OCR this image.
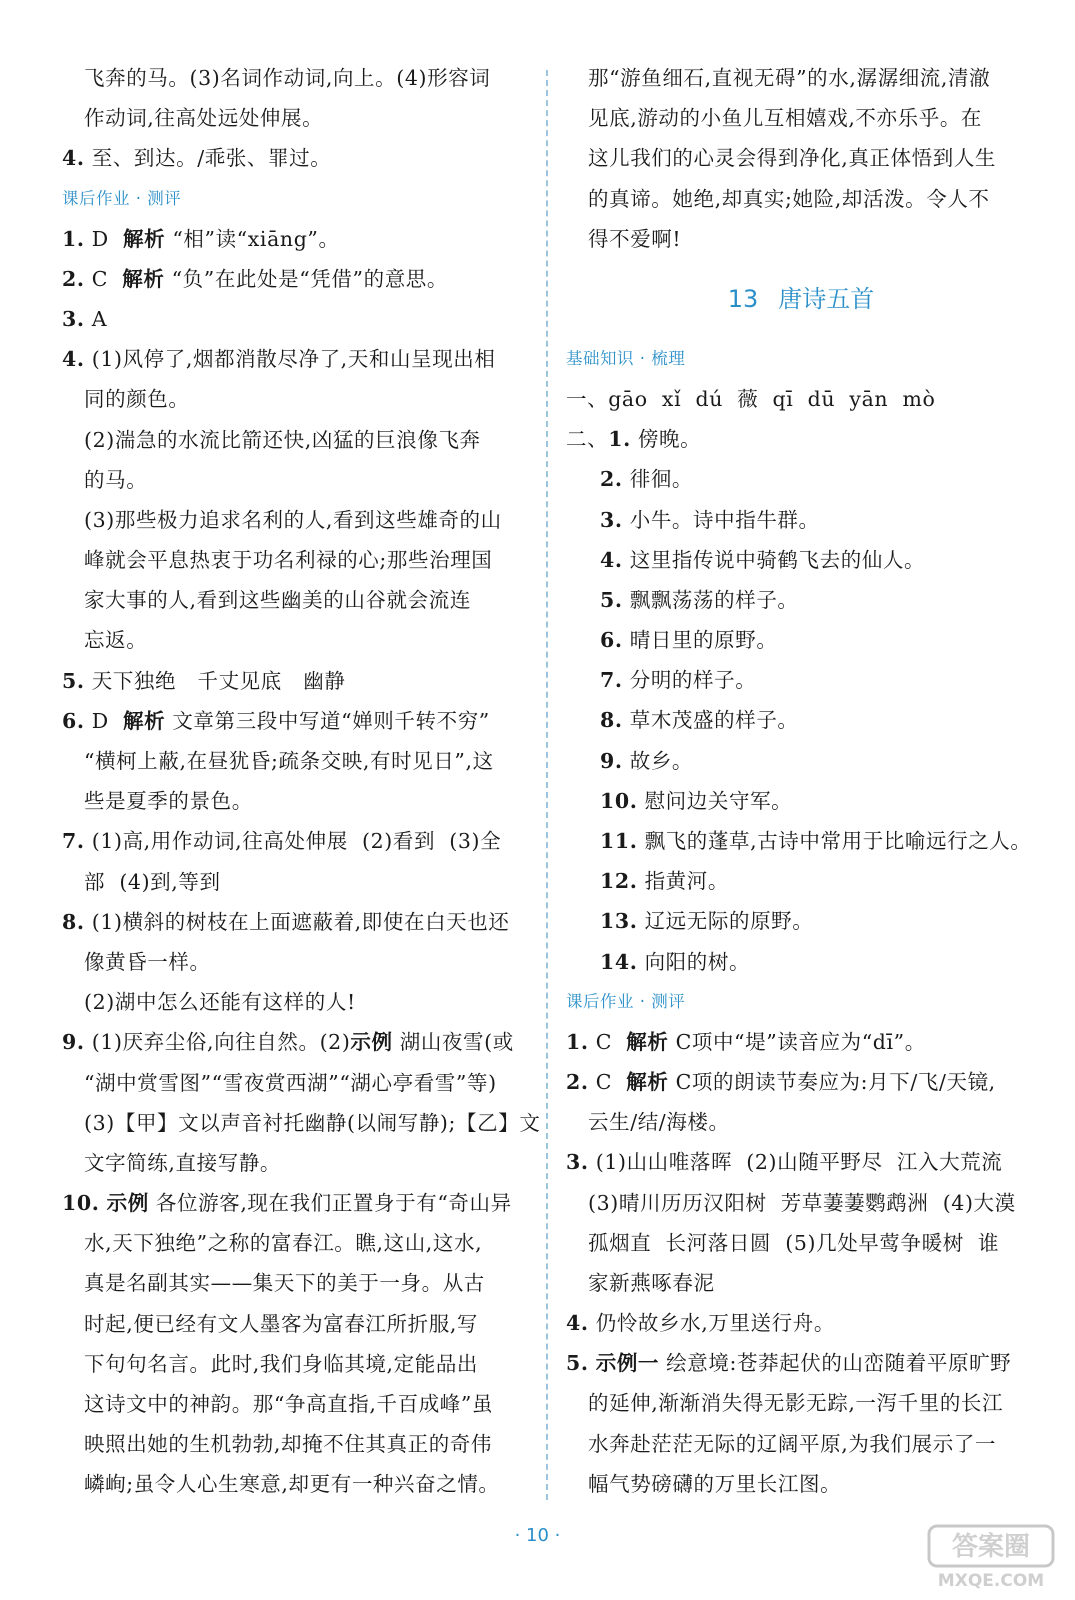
飞奔的马。(3)名词作动词,向上。(4)形容词
作动词,往高处远处伸展。
4. 至、到达。/乖张、罪过。
课后作业 · 测评
1. D  解析 “相”读“xiāng”。
2. C  解析 “负”在此处是“凭借”的意思。
3. A
4. (1)风停了,烟都消散尽净了,天和山呈现出相
同的颜色。
(2)湍急的水流比箭还快,凶猛的巨浪像飞奔
的马。
(3)那些极力追求名利的人,看到这些雄奇的山
峰就会平息热衷于功名利禄的心;那些治理国
家大事的人,看到这些幽美的山谷就会流连
忘返。
5. 天下独绝   千丈见底   幽静
6. D  解析 文章第三段中写道“婵则千转不穷”
“横柯上蔽,在昼犹昏;疏条交映,有时见日”,这
些是夏季的景色。
7. (1)高,用作动词,往高处伸展  (2)看到  (3)全
部  (4)到,等到
8. (1)横斜的树枝在上面遮蔽着,即使在白天也还
像黄昏一样。
(2)湖中怎么还能有这样的人!
9. (1)厌弃尘俗,向往自然。(2)示例 湖山夜雪(或
“湖中赏雪图”“雪夜赏西湖”“湖心亭看雪”等)
(3)【甲】文以声音衬托幽静(以闹写静);【乙】文
文字简练,直接写静。
10. 示例 各位游客,现在我们正置身于有“奇山异
水,天下独绝”之称的富春江。瞧,这山,这水,
真是名副其实——集天下的美于一身。从古
时起,便已经有文人墨客为富春江所折服,写
下句句名言。此时,我们身临其境,定能品出
这诗文中的神韵。那“争高直指,千百成峰”虽
映照出她的生机勃勃,却掩不住其真正的奇伟
嶙峋;虽令人心生寒意,却更有一种兴奋之情。
那“游鱼细石,直视无碍”的水,潺潺细流,清澈
见底,游动的小鱼儿互相嬉戏,不亦乐乎。在
这儿我们的心灵会得到净化,真正体悟到人生
的真谛。她绝,却真实;她险,却活泼。令人不
得不爱啊!
13 唐诗五首
基础知识 · 梳理
一、gāo  xǐ  dú  薇  qī  dū  yān  mò
二、1. 傍晚。
2. 徘徊。
3. 小牛。诗中指牛群。
4. 这里指传说中骑鹤飞去的仙人。
5. 飘飘荡荡的样子。
6. 晴日里的原野。
7. 分明的样子。
8. 草木茂盛的样子。
9. 故乡。
10. 慰问边关守军。
11. 飘飞的蓬草,古诗中常用于比喻远行之人。
12. 指黄河。
13. 辽远无际的原野。
14. 向阳的树。
课后作业 · 测评
1. C  解析 C项中“堤”读音应为“dī”。
2. C  解析 C项的朗读节奏应为:月下/飞/天镜,
云生/结/海楼。
3. (1)山山唯落晖  (2)山随平野尽  江入大荒流
(3)晴川历历汉阳树  芳草萋萋鹦鹉洲  (4)大漠
孤烟直  长河落日圆  (5)几处早莺争暖树  谁
家新燕啄春泥
4. 仍怜故乡水,万里送行舟。
5. 示例一 绘意境:苍莽起伏的山峦随着平原旷野
的延伸,渐渐消失得无影无踪,一泻千里的长江
水奔赴茫茫无际的辽阔平原,为我们展示了一
幅气势磅礴的万里长江图。
· 10 ·	答案圈
MXQE.COM
